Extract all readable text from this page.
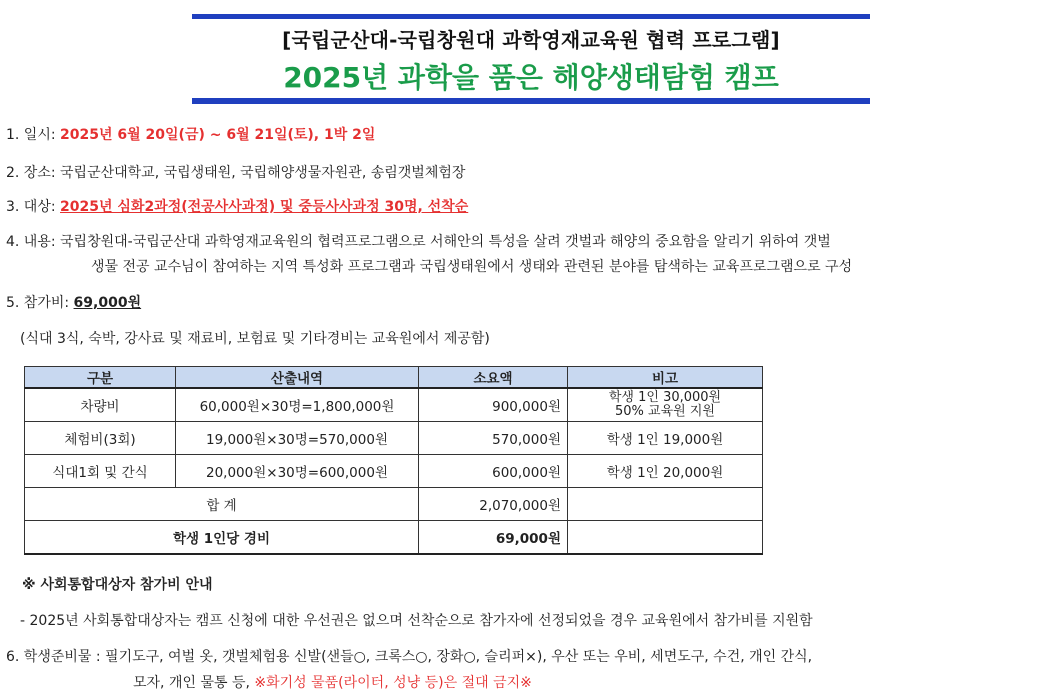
[국립군산대-국립창원대 과학영재교육원 협력 프로그램]
2025년 과학을 품은 해양생태탐험 캠프
1. 일시: 2025년 6월 20일(금) ~ 6월 21일(토), 1박 2일
2. 장소: 국립군산대학교, 국립생태원, 국립해양생물자원관, 송림갯벌체험장
3. 대상: 2025년 심화2과정(전공사사과정) 및 중등사사과정 30명, 선착순
4. 내용: 국립창원대-국립군산대 과학영재교육원의 협력프로그램으로 서해안의 특성을 살려 갯벌과 해양의 중요함을 알리기 위하여 갯벌
생물 전공 교수님이 참여하는 지역 특성화 프로그램과 국립생태원에서 생태와 관련된 분야를 탐색하는 교육프로그램으로 구성
5. 참가비: 69,000원
(식대 3식, 숙박, 강사료 및 재료비, 보험료 및 기타경비는 교육원에서 제공함)
구분	산출내역	소요액	비고
차량비	60,000원×30명=1,800,000원	900,000원	학생 1인 30,000원
50% 교육원 지원

체험비(3회)	19,000원×30명=570,000원	570,000원	학생 1인 19,000원
식대1회 및 간식	20,000원×30명=600,000원	600,000원	학생 1인 20,000원
합 계		2,070,000원	
학생 1인당 경비		69,000원	
※ 사회통합대상자 참가비 안내
- 2025년 사회통합대상자는 캠프 신청에 대한 우선권은 없으며 선착순으로 참가자에 선정되었을 경우 교육원에서 참가비를 지원함
6. 학생준비물 : 필기도구, 여벌 옷, 갯벌체험용 신발(샌들○, 크록스○, 장화○, 슬리퍼×), 우산 또는 우비, 세면도구, 수건, 개인 간식,
모자, 개인 물통 등, ※화기성 물품(라이터, 성냥 등)은 절대 금지※
